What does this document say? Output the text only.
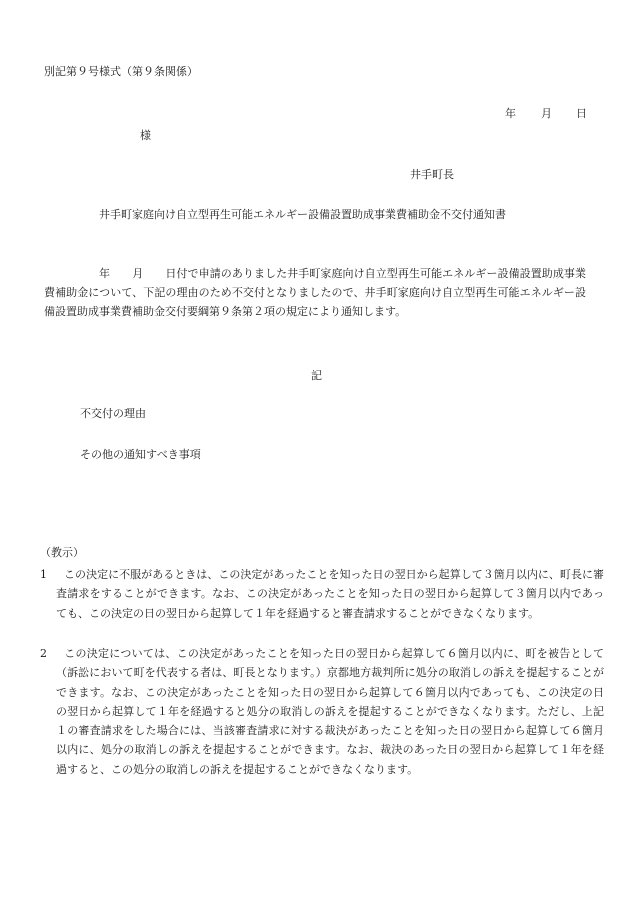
別記第９号様式（第９条関係）
年 月 日
様
井手町長
井手町家庭向け自立型再生可能エネルギー設備設置助成事業費補助金不交付通知書

年　　月　　日付で申請のありました井手町家庭向け自立型再生可能エネルギー設備設置助成事業費補助金について、下記の理由のため不交付となりましたので、井手町家庭向け自立型再生可能エネルギー設備設置助成事業費補助金交付要綱第９条第２項の規定により通知します。

記
不交付の理由
その他の通知すべき事項
（教示）

1 この決定に不服があるときは、この決定があったことを知った日の翌日から起算して３箇月以内に、町長に審査請求をすることができます。なお、この決定があったことを知った日の翌日から起算して３箇月以内であっても、この決定の日の翌日から起算して１年を経過すると審査請求することができなくなります。

2 この決定については、この決定があったことを知った日の翌日から起算して６箇月以内に、町を被告として（訴訟において町を代表する者は、町長となります。）京都地方裁判所に処分の取消しの訴えを提起することができます。なお、この決定があったことを知った日の翌日から起算して６箇月以内であっても、この決定の日の翌日から起算して１年を経過すると処分の取消しの訴えを提起することができなくなります。ただし、上記１の審査請求をした場合には、当該審査請求に対する裁決があったことを知った日の翌日から起算して６箇月以内に、処分の取消しの訴えを提起することができます。なお、裁決のあった日の翌日から起算して１年を経過すると、この処分の取消しの訴えを提起することができなくなります。
